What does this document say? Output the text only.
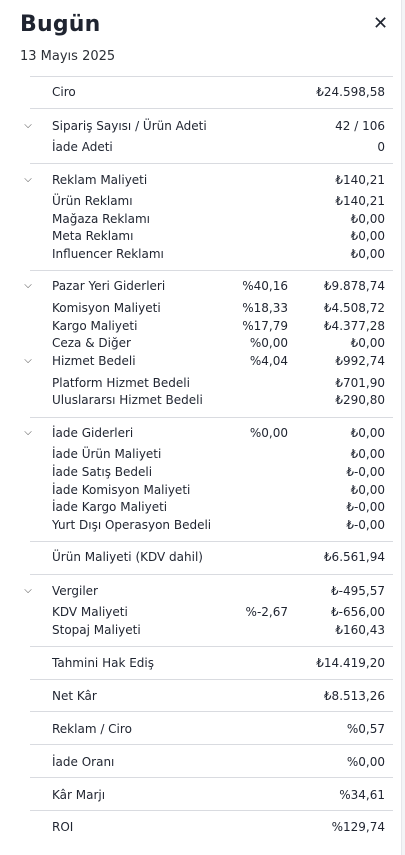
Bugün	✕
13 Mayıs 2025
Ciro	₺24.598,58
⌵ Sipariş Sayısı / Ürün Adeti	42 / 106
İade Adeti	0
⌵ Reklam Maliyeti	₺140,21
Ürün Reklamı	₺140,21
Mağaza Reklamı	₺0,00
Meta Reklamı	₺0,00
Influencer Reklamı	₺0,00
⌵ Pazar Yeri Giderleri	%40,16	₺9.878,74
Komisyon Maliyeti	%18,33	₺4.508,72
Kargo Maliyeti	%17,79	₺4.377,28
Ceza & Diğer	%0,00	₺0,00
⌵ Hizmet Bedeli	%4,04	₺992,74
Platform Hizmet Bedeli	₺701,90
Uluslararsı Hizmet Bedeli	₺290,80
⌵ İade Giderleri	%0,00	₺0,00
İade Ürün Maliyeti	₺0,00
İade Satış Bedeli	₺-0,00
İade Komisyon Maliyeti	₺0,00
İade Kargo Maliyeti	₺-0,00
Yurt Dışı Operasyon Bedeli	₺-0,00
Ürün Maliyeti (KDV dahil)	₺6.561,94
⌵ Vergiler	₺-495,57
KDV Maliyeti	%-2,67	₺-656,00
Stopaj Maliyeti	₺160,43
Tahmini Hak Ediş	₺14.419,20
Net Kâr	₺8.513,26
Reklam / Ciro	%0,57
İade Oranı	%0,00
Kâr Marjı	%34,61
ROI	%129,74
